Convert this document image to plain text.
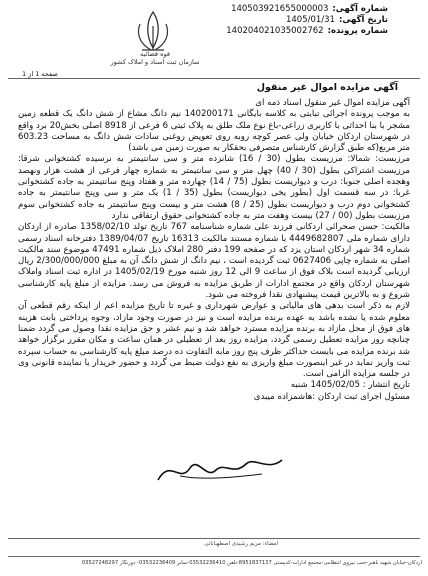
شماره آگهی:
140503921655000003
تاریخ آگهی:
1405/01/31
شماره پرونده:
140204021035002762
قوه قضائیه
سازمان ثبت اسناد و املاک کشور
صفحه 1 از 1
آگهی مزایده اموال غیر منقول

آگهی مزایده اموال غیر منقول اسناد ذمه ای

به موجب پرونده اجرائی تبایتی به کلاسه بایگانی 140200171 نیم دانگ مشاع از شش دانگ یک قطعه زمین مشجر با بنا احداثی با کاربری زراعی-باغ نوع ملک طلق به پلاک ثبتی 6 فرعی از 8918 اصلی بخش20 برد واقع در شهرستان اردکان خیابان ولی عصر کوچه روبه روی تعویض روغنی سادات شش دانگ به مساحت 603.23 متر مربع(که طبق گزارش کارشناس متصرفی بحقکار به صورت زمین می باشد)

مرزبست: شمالا: مرزیست بطول (30 / 16) شانزده متر و سی سانتیمتر به نرسیده کشتخوانی شرقا: مرزیست اشتراکی بطول (30 / 40) چهل متر و سی سانتیمتر به شماره چهار فرعی از هشت هزار ونهصد وهجده اصلی جنوبا: درب و دیواریست بطول (75 / 14) چهارده متر و هفتاد وپنج سانتیمتر به جاده کشتخوانی غربا: در سه قسمت اول (بطور یخی دیواریست) بطول (35 / 1) یک متر و سی وپنج سانتیمتر به جاده کشتخوانی دوم درب و دیواریست بطول (25 / 8) هشت متر و بیست وپنج سانتیمتر به جاده کشتخوانی سوم مرزبست بطول (00 / 27) بیست وهفت متر به جاده کشتخوانی حقوق ارتفاقی ندارد

مالکیت: حسن صحرائی اردکانی فرزند علی شماره شناسنامه 767 تاریخ تولد 1358/02/10 صادره از اردکان دارای شماره ملی 4449682807 با شماره مستند مالکیت 16313 تاریخ 1389/04/07 دفترخانه اسناد رسمی شماره 34 شهر اردکان استان یزد که در صفحه 199 دفتر 280 املاک ذیل شماره 47491 موضوع سند مالکیت اصلی به شماره چاپی 0627406 ثبت گردیده است ، نیم دانگ از شش دانگ آن به مبلغ 2/300/000/000 ریال ارزیابی گردیده است بلاک فوق از ساعت 9 الی 12 روز شنبه مورخ 1405/02/19 در اداره ثبت اسناد واملاک شهرستان اردکان واقع در مجتمع ادارات از طریق مزایده به فروش می رسد. مزایده از مبلغ پایه کارشناسی شروع و به بالاترین قیمت پیشنهادی نقدا فروخته می شود.

لازم به ذکر است بدهی های مالیاتی و عوارض شهرداری و غیره تا تاریخ مزایده اعم از اینکه رقم قطعی آن معلوم شده یا نشده باشد به عهده برنده مزایده است و نیز در صورت وجود مازاد، وجوه پرداختی بابت هزینه های فوق از محل مازاد به برنده مزایده مسترد خواهد شد و نیم عشر و حق مزایده نقدا وصول می گردد ضمنا چنانچه روز مزایده تعطیل رسمی گردد، مزایده روز بعد از تعطیلی در همان ساعت و مکان مقرر برگزار خواهد شد برنده مزایده می بایست حداکثر ظرف پنج روز مابه التفاوت ده درصد مبلغ پایه کارشناسی به حساب سپرده ثبت واریز نماید در غیر اینصورت مبلغ واریزی به نفع دولت ضبط می گردد و حضور خریدار یا نماینده قانونی وی در جلسه مزایده الزامی است.

تاریخ انتشار : 1405/02/05 شنبه

مسئول اجرای ثبت اردکان :هاشمزاده میبدی

امضاء: مریم رشیدی اصطهباناتی
اردکان-خیابان شهید باهنر-جنب نیروی انتظامی-مجتمع ادارات-کدپستی 8951837137-تلفن 03532236410-نمابر 03532236409- دورنگار 03527248297
